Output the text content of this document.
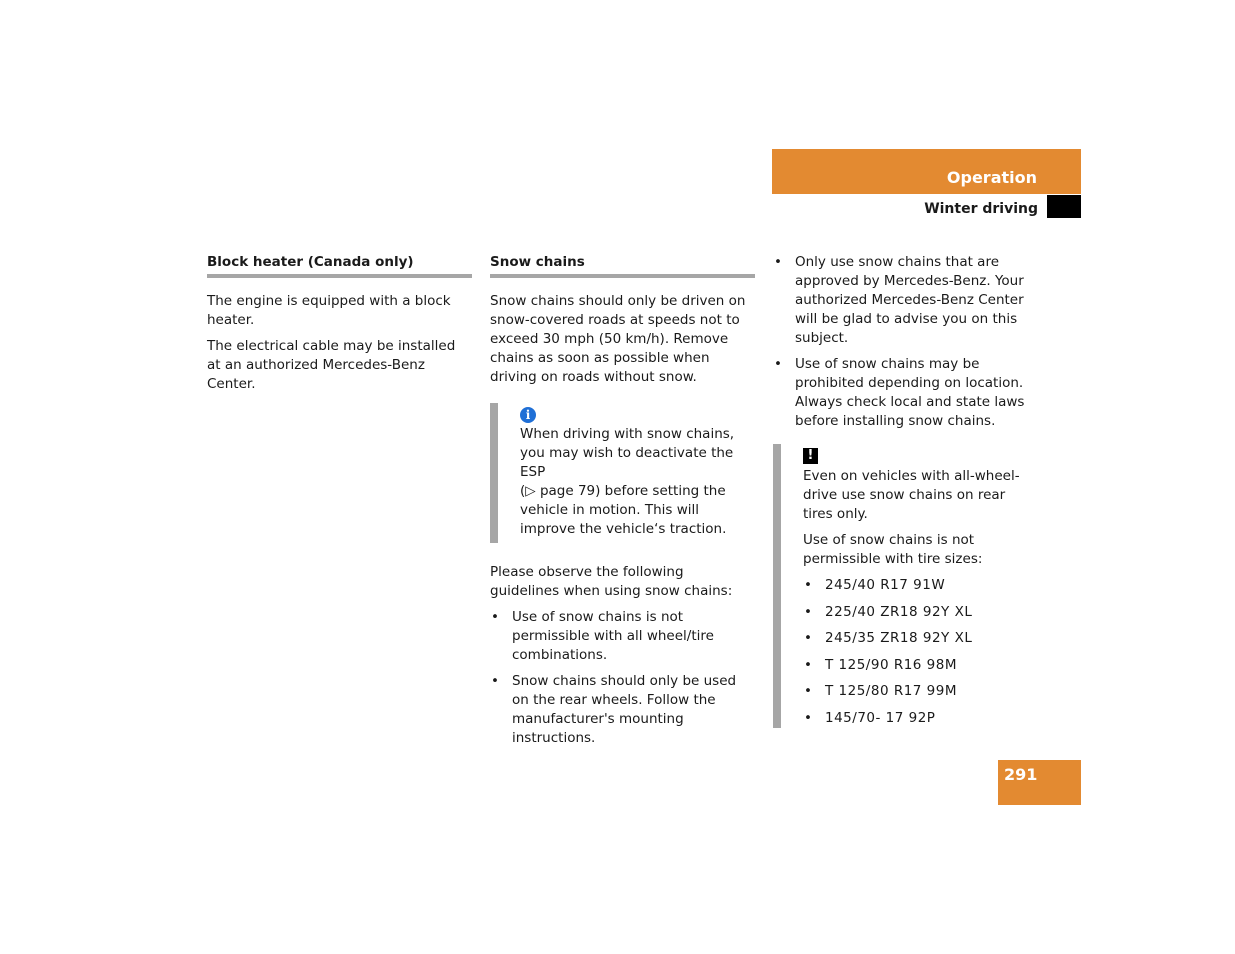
Operation
Winter driving
Block heater (Canada only)

The engine is equipped with a block heater.

The electrical cable may be installed at an authorized Mercedes-Benz Center.

Snow chains

Snow chains should only be driven on snow-covered roads at speeds not to exceed 30 mph (50 km/h). Remove chains as soon as possible when driving on roads without snow.

i
When driving with snow chains, you may wish to deactivate the ESP
(▷ page 79) before setting the vehicle in motion. This will improve the vehicle‘s traction.

Please observe the following guidelines when using snow chains:

• Use of snow chains is not permissible with all wheel/tire combinations.
• Snow chains should only be used on the rear wheels. Follow the manufacturer's mounting instructions.
• Only use snow chains that are approved by Mercedes-Benz. Your authorized Mercedes-Benz Center will be glad to advise you on this subject.
• Use of snow chains may be prohibited depending on location. Always check local and state laws before installing snow chains.
!

Even on vehicles with all-wheel-drive use snow chains on rear tires only.

Use of snow chains is not permissible with tire sizes:

• 245/40 R17 91W
• 225/40 ZR18 92Y XL
• 245/35 ZR18 92Y XL
• T 125/90 R16 98M
• T 125/80 R17 99M
• 145/70- 17 92P
291
